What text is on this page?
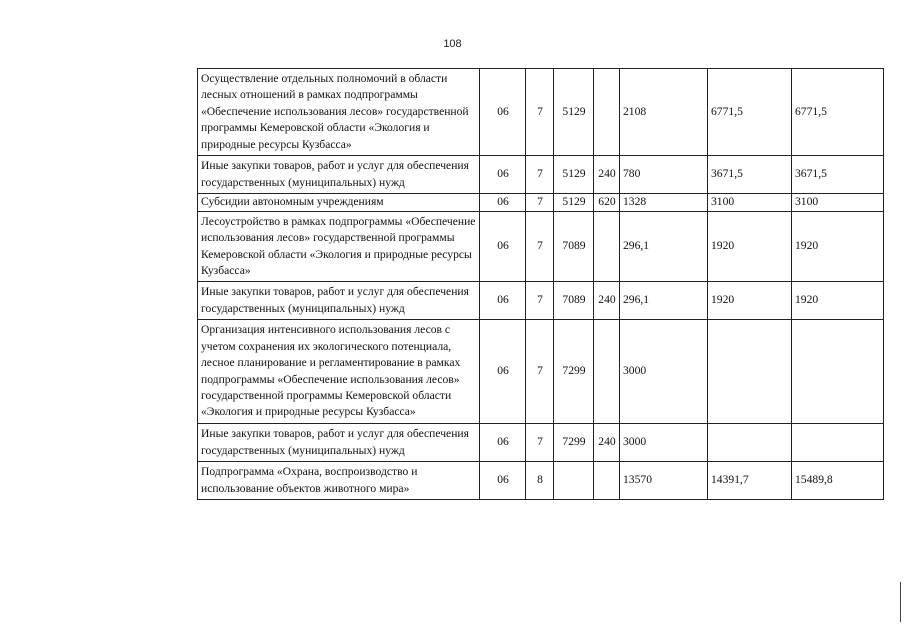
108
Осуществление отдельных полномочий в области лесных отношений в рамках подпрограммы «Обеспечение использования лесов» государственной программы Кемеровской области «Экология и природные ресурсы Кузбасса»	06	7	5129		2108	6771,5	6771,5
Иные закупки товаров, работ и услуг для обеспечения государственных (муниципальных) нужд	06	7	5129	240	780	3671,5	3671,5
Субсидии автономным учреждениям	06	7	5129	620	1328	3100	3100
Лесоустройство в рамках подпрограммы «Обеспечение использования лесов» государственной программы Кемеровской области «Экология и природные ресурсы Кузбасса»	06	7	7089		296,1	1920	1920
Иные закупки товаров, работ и услуг для обеспечения государственных (муниципальных) нужд	06	7	7089	240	296,1	1920	1920
Организация интенсивного использования лесов с учетом сохранения их экологического потенциала, лесное планирование и регламентирование в рамках подпрограммы «Обеспечение использования лесов» государственной программы Кемеровской области «Экология и природные ресурсы Кузбасса»	06	7	7299		3000		
Иные закупки товаров, работ и услуг для обеспечения государственных (муниципальных) нужд	06	7	7299	240	3000		
Подпрограмма «Охрана, воспроизводство и использование объектов животного мира»	06	8			13570	14391,7	15489,8
